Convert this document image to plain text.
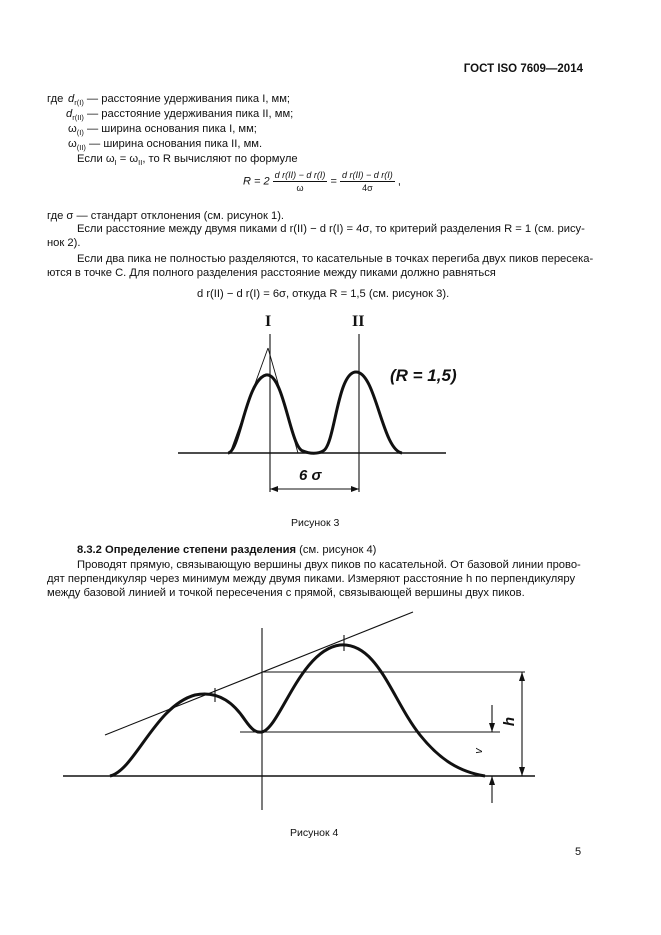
ГОСТ ISO 7609—2014
где $d_{r(I)}$ — расстояние удерживания пика I, мм;
$d_{r(II)}$ — расстояние удерживания пика II, мм;
$\omega_{(I)}$ — ширина основания пика I, мм;
$\omega_{(II)}$ — ширина основания пика II, мм.
Если $\omega_I = \omega_{II}$, то R вычисляют по формуле
$R = 2 \frac{\text{d r(II) − d r(I)}}{\omega} = \frac{\text{d r(II) − d r(I)}}{4\sigma}$ ,
где σ — стандарт отклонения (см. рисунок 1).
Если расстояние между двумя пиками d r(II) − d r(I) = 4σ, то критерий разделения R = 1 (см. рису-
нок 2).
Если два пика не полностью разделяются, то касательные в точках перегиба двух пиков пересека-
ются в точке С. Для полного разделения расстояние между пиками должно равняться
d r(II) − d r(I) = 6σ, откуда R = 1,5 (см. рисунок 3).
I	II
(R = 1,5)
6 σ
Рисунок 3
8.3.2 Определение степени разделения (см. рисунок 4)
Проводят прямую, связывающую вершины двух пиков по касательной. От базовой линии прово-
дят перпендикуляр через минимум между двумя пиками. Измеряют расстояние h по перпендикуляру
между базовой линией и точкой пересечения с прямой, связывающей вершины двух пиков.
h
v
Рисунок 4
5
